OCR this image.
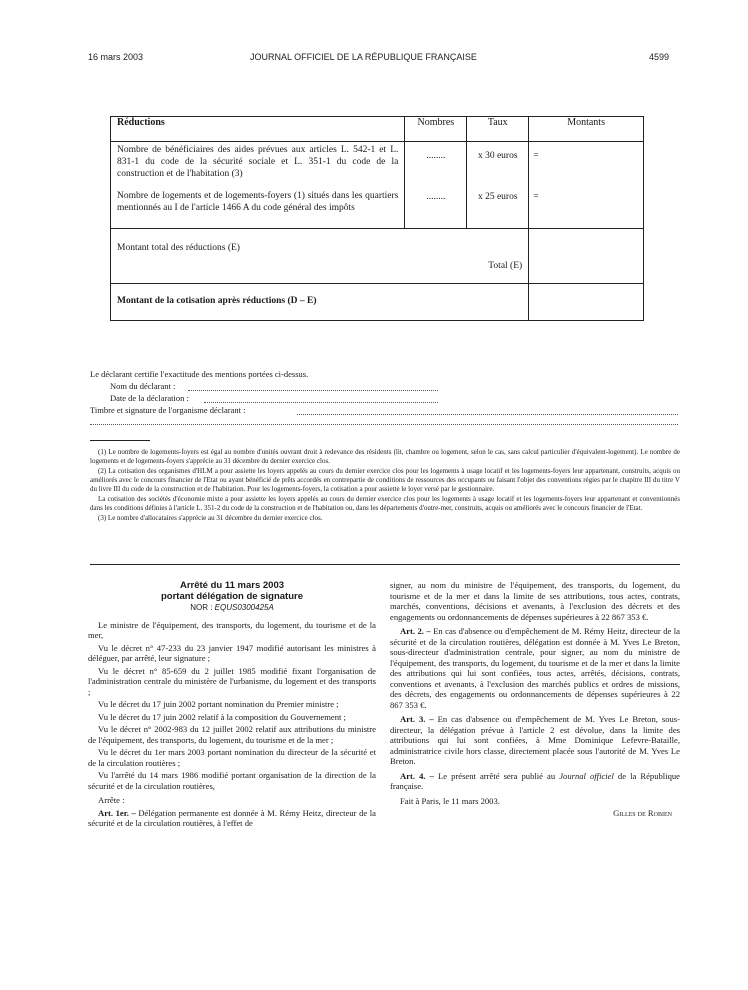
16 mars 2003	JOURNAL OFFICIEL DE LA RÉPUBLIQUE FRANÇAISE	4599
Réductions	Nombres	Taux	Montants

Nombre de bénéficiaires des aides prévues aux articles L. 542-1 et L. 831-1 du code de la sécurité sociale et L. 351-1 du code de la construction et de l'habitation (3)	........	x 30 euros	=

Nombre de logements et de logements-foyers (1) situés dans les quartiers mentionnés au I de l'article 1466 A du code général des impôts	........	x 25 euros	=

Montant total des réductions (E)
Total (E)			

Montant de la cotisation après réductions (D – E)			

Le déclarant certifie l'exactitude des mentions portées ci-dessus.
Nom du déclarant :
Date de la déclaration :
Timbre et signature de l'organisme déclarant :

(1) Le nombre de logements-foyers est égal au nombre d'unités ouvrant droit à redevance des résidents (lit, chambre ou logement, selon le cas, sans calcul particulier d'équivalent-logement). Le nombre de logements et de logements-foyers s'apprécie au 31 décembre du dernier exercice clos.

(2) La cotisation des organismes d'HLM a pour assiette les loyers appelés au cours du dernier exercice clos pour les logements à usage locatif et les logements-foyers leur appartenant, construits, acquis ou améliorés avec le concours financier de l'Etat ou ayant bénéficié de prêts accordés en contrepartie de conditions de ressources des occupants ou faisant l'objet des conventions régies par le chapitre III du titre V du livre III du code de la construction et de l'habitation. Pour les logements-foyers, la cotisation a pour assiette le loyer versé par le gestionnaire.

La cotisation des sociétés d'économie mixte a pour assiette les loyers appelés au cours du dernier exercice clos pour les logements à usage locatif et les logements-foyers leur appartenant et conventionnés dans les conditions définies à l'article L. 351-2 du code de la construction et de l'habitation ou, dans les départements d'outre-mer, construits, acquis ou améliorés avec le concours financier de l'Etat.

(3) Le nombre d'allocataires s'apprécie au 31 décembre du dernier exercice clos.

Arrêté du 11 mars 2003
portant délégation de signature
NOR : EQUS0300425A

Le ministre de l'équipement, des transports, du logement, du tourisme et de la mer,

Vu le décret n° 47-233 du 23 janvier 1947 modifié autorisant les ministres à déléguer, par arrêté, leur signature ;

Vu le décret n° 85-659 du 2 juillet 1985 modifié fixant l'organisation de l'administration centrale du ministère de l'urbanisme, du logement et des transports ;

Vu le décret du 17 juin 2002 portant nomination du Premier ministre ;

Vu le décret du 17 juin 2002 relatif à la composition du Gouvernement ;

Vu le décret n° 2002-983 du 12 juillet 2002 relatif aux attributions du ministre de l'équipement, des transports, du logement, du tourisme et de la mer ;

Vu le décret du 1er mars 2003 portant nomination du directeur de la sécurité et de la circulation routières ;

Vu l'arrêté du 14 mars 1986 modifié portant organisation de la direction de la sécurité et de la circulation routières,

Arrête :

Art. 1er. – Délégation permanente est donnée à M. Rémy Heitz, directeur de la sécurité et de la circulation routières, à l'effet de

signer, au nom du ministre de l'équipement, des transports, du logement, du tourisme et de la mer et dans la limite de ses attributions, tous actes, contrats, marchés, conventions, décisions et avenants, à l'exclusion des décrets et des engagements ou ordonnancements de dépenses supérieures à 22 867 353 €.

Art. 2. – En cas d'absence ou d'empêchement de M. Rémy Heitz, directeur de la sécurité et de la circulation routières, délégation est donnée à M. Yves Le Breton, sous-directeur d'administration centrale, pour signer, au nom du ministre de l'équipement, des transports, du logement, du tourisme et de la mer et dans la limite des attributions qui lui sont confiées, tous actes, arrêtés, décisions, contrats, conventions et avenants, à l'exclusion des marchés publics et ordres de missions, des décrets, des engagements ou ordonnancements de dépenses supérieures à 22 867 353 €.

Art. 3. – En cas d'absence ou d'empêchement de M. Yves Le Breton, sous-directeur, la délégation prévue à l'article 2 est dévolue, dans la limite des attributions qui lui sont confiées, à Mme Dominique Lefevre-Bataille, administratrice civile hors classe, directement placée sous l'autorité de M. Yves Le Breton.

Art. 4. – Le présent arrêté sera publié au Journal officiel de la République française.

Fait à Paris, le 11 mars 2003.

Gilles de Robien
